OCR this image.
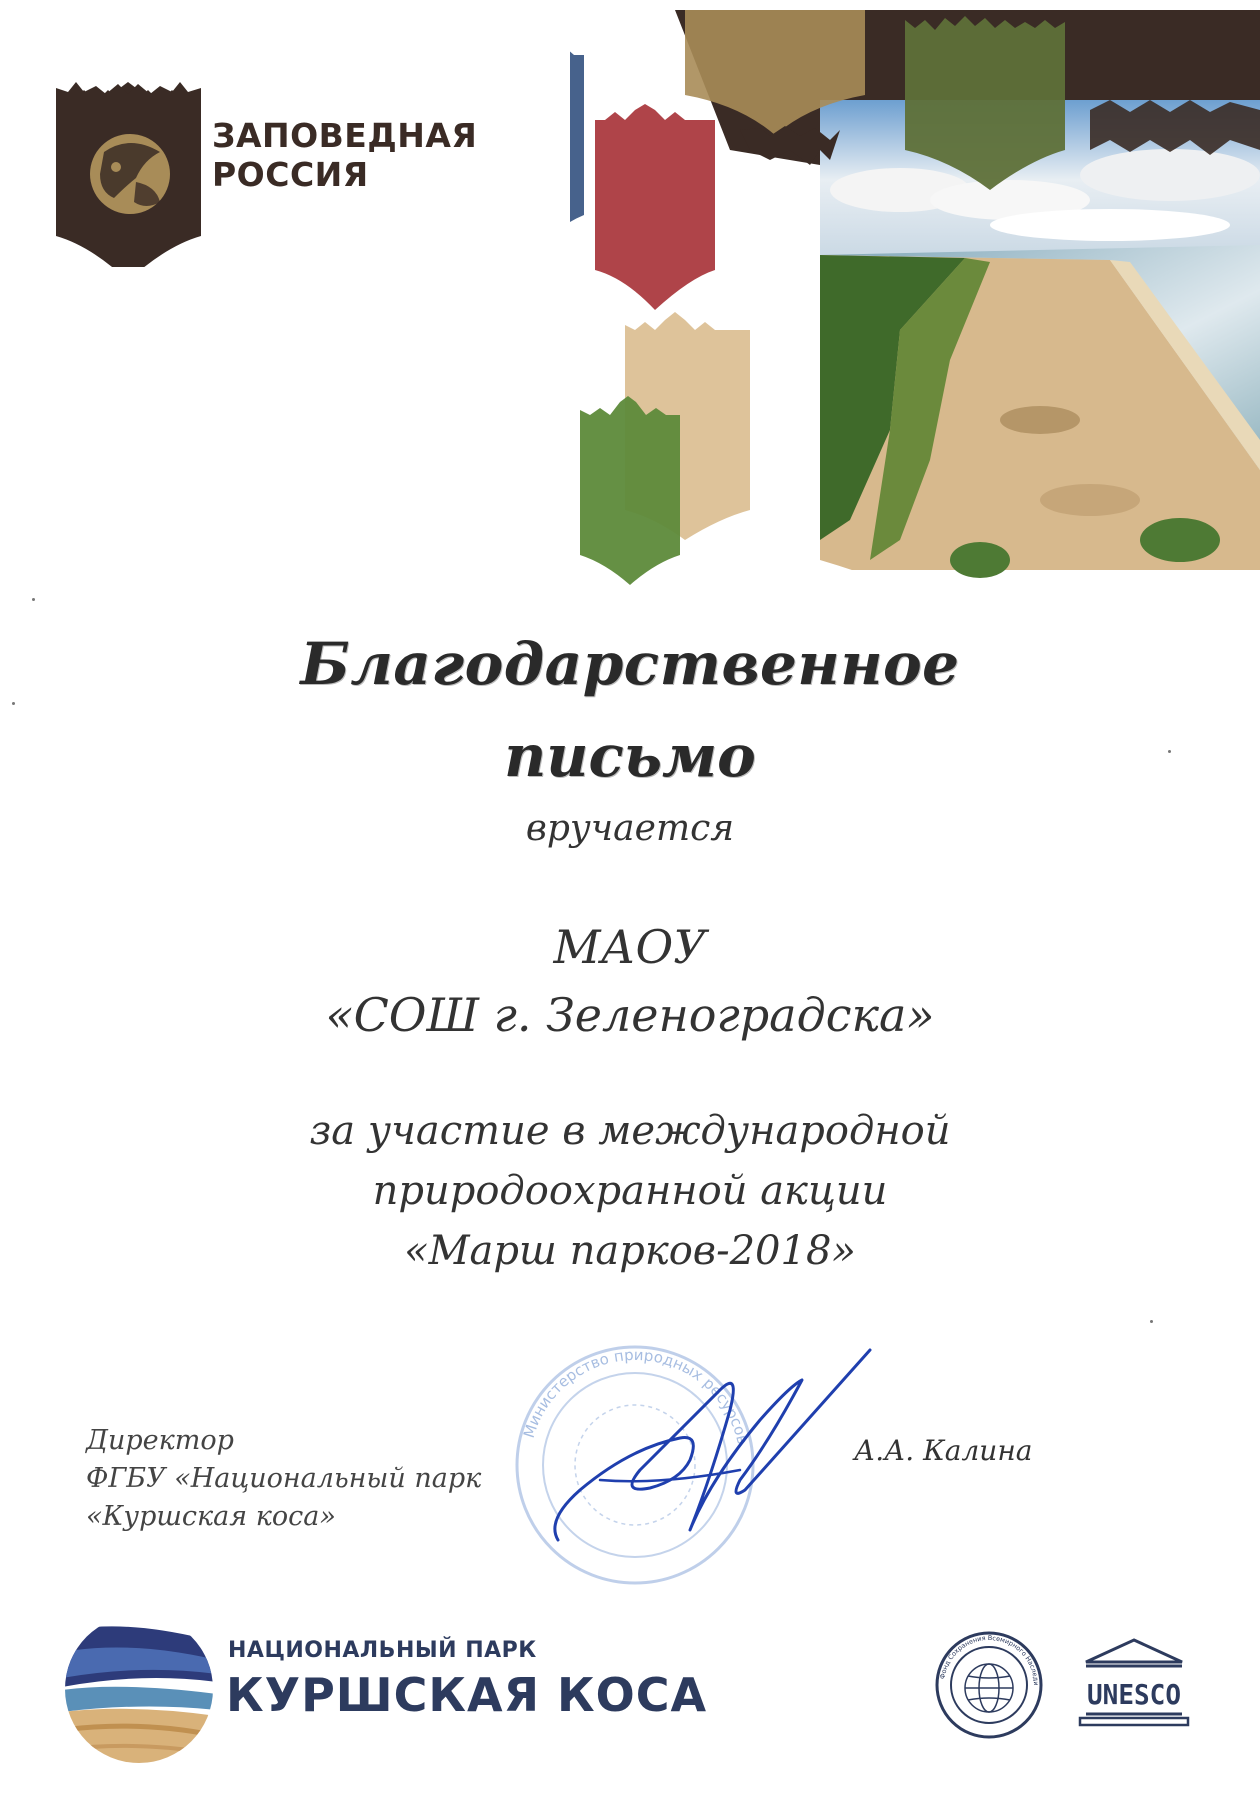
ЗАПОВЕДНАЯ
РОССИЯ
Благодарственное
письмо
вручается
МАОУ
«СОШ г. Зеленоградска»
за участие в международной
природоохранной акции
«Марш парков-2018»
Директор
ФГБУ «Национальный парк
«Куршская коса»
Министерство природных ресурсов	А.А. Калина
НАЦИОНАЛЬНЫЙ ПАРК
КУРШСКАЯ КОСА	Фонд Сохранения Всемирного Наследи UNESCO
